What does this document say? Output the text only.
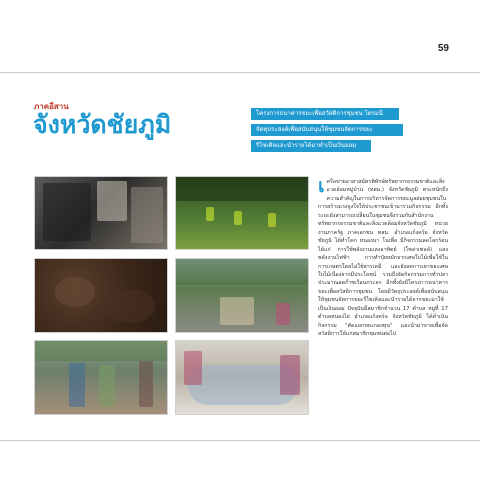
59
ภาคอีสาน
จังหวัดชัยภูมิ	โครงการธนาคารขยะเพื่อสวัสดิการชุมชน ไตรมนี
จัดทุประสงค์เพื่อสนับสนุนให้ชุมชนจัดการขยะ
ริไซเคิลและนำรายได้มาทำเป็นเงินออม
เ ครือข่ายอาสาสมัครพิทักษ์ทรัพยากรธรรมชาติและสิ่งแวดล้อมหมู่บ้าน (ทสม.) จังหวัดชัยภูมิ ตระหนักถึงความสำคัญในการบริหารจัดการขยะมูลฝอยชุมชนในการสร้างแรงจูงใจให้ประชาชนเข้ามาร่วมกิจกรรม อีกทั้งระยะยังสามารถเปลี่ยนในชุมชนจึงร่วมกับสำนักงานทรัพยากรธรรมชาติและสิ่งแวดล้อมจังหวัดชัยภูมิ หน่วยงานภาครัฐ ภาคเอกชน ทสม. อำเภอแก้งคร้อ จังหวัดชัยภูมิ ได้ทำโคก หนองนา โนเพื่อ มีกิจกรรมลดโลกร้อน ได้แก่ การใช้พลังงานแสงอาทิตย์ (โซล่าเซลล์) แสงพลังงานไฟฟ้า การทำปุ๋ยหมักจากเศษใบไม้เพื่อใช้ในการเกษตรโดยไม่ใช้สารเคมี และยังลดการเผาขยะเศษใบไม้เนื่องจากมีประโยชน์ รวมถึงจัดกิจกรรมการทำปลาประมาณลดก๊าซเรือนกระจก อีกทั้งยังมีโครงการธนาคารขยะเพื่อสวัสดิการชุมชน โดยมีวัตถุประสงค์เพื่อสนับสนุนให้ชุมชนจัดการขยะรีไซเคิลและนำรายได้จากขยะมาใช้เป็นเงินออม ปัจจุบันมีสมาชิกจำนวน 17 ตำบล หมู่ที่ 17 ตำบลหนองไผ่ อำเภอแก้งคร้อ จังหวัดชัยภูมิ ได้ดำเนินกิจกรรม "คัดแยกขยะกองทุน" และนำมาขายเพื่อจัดสวัสดิการให้แก่สมาชิกชุมชนต่อไป
